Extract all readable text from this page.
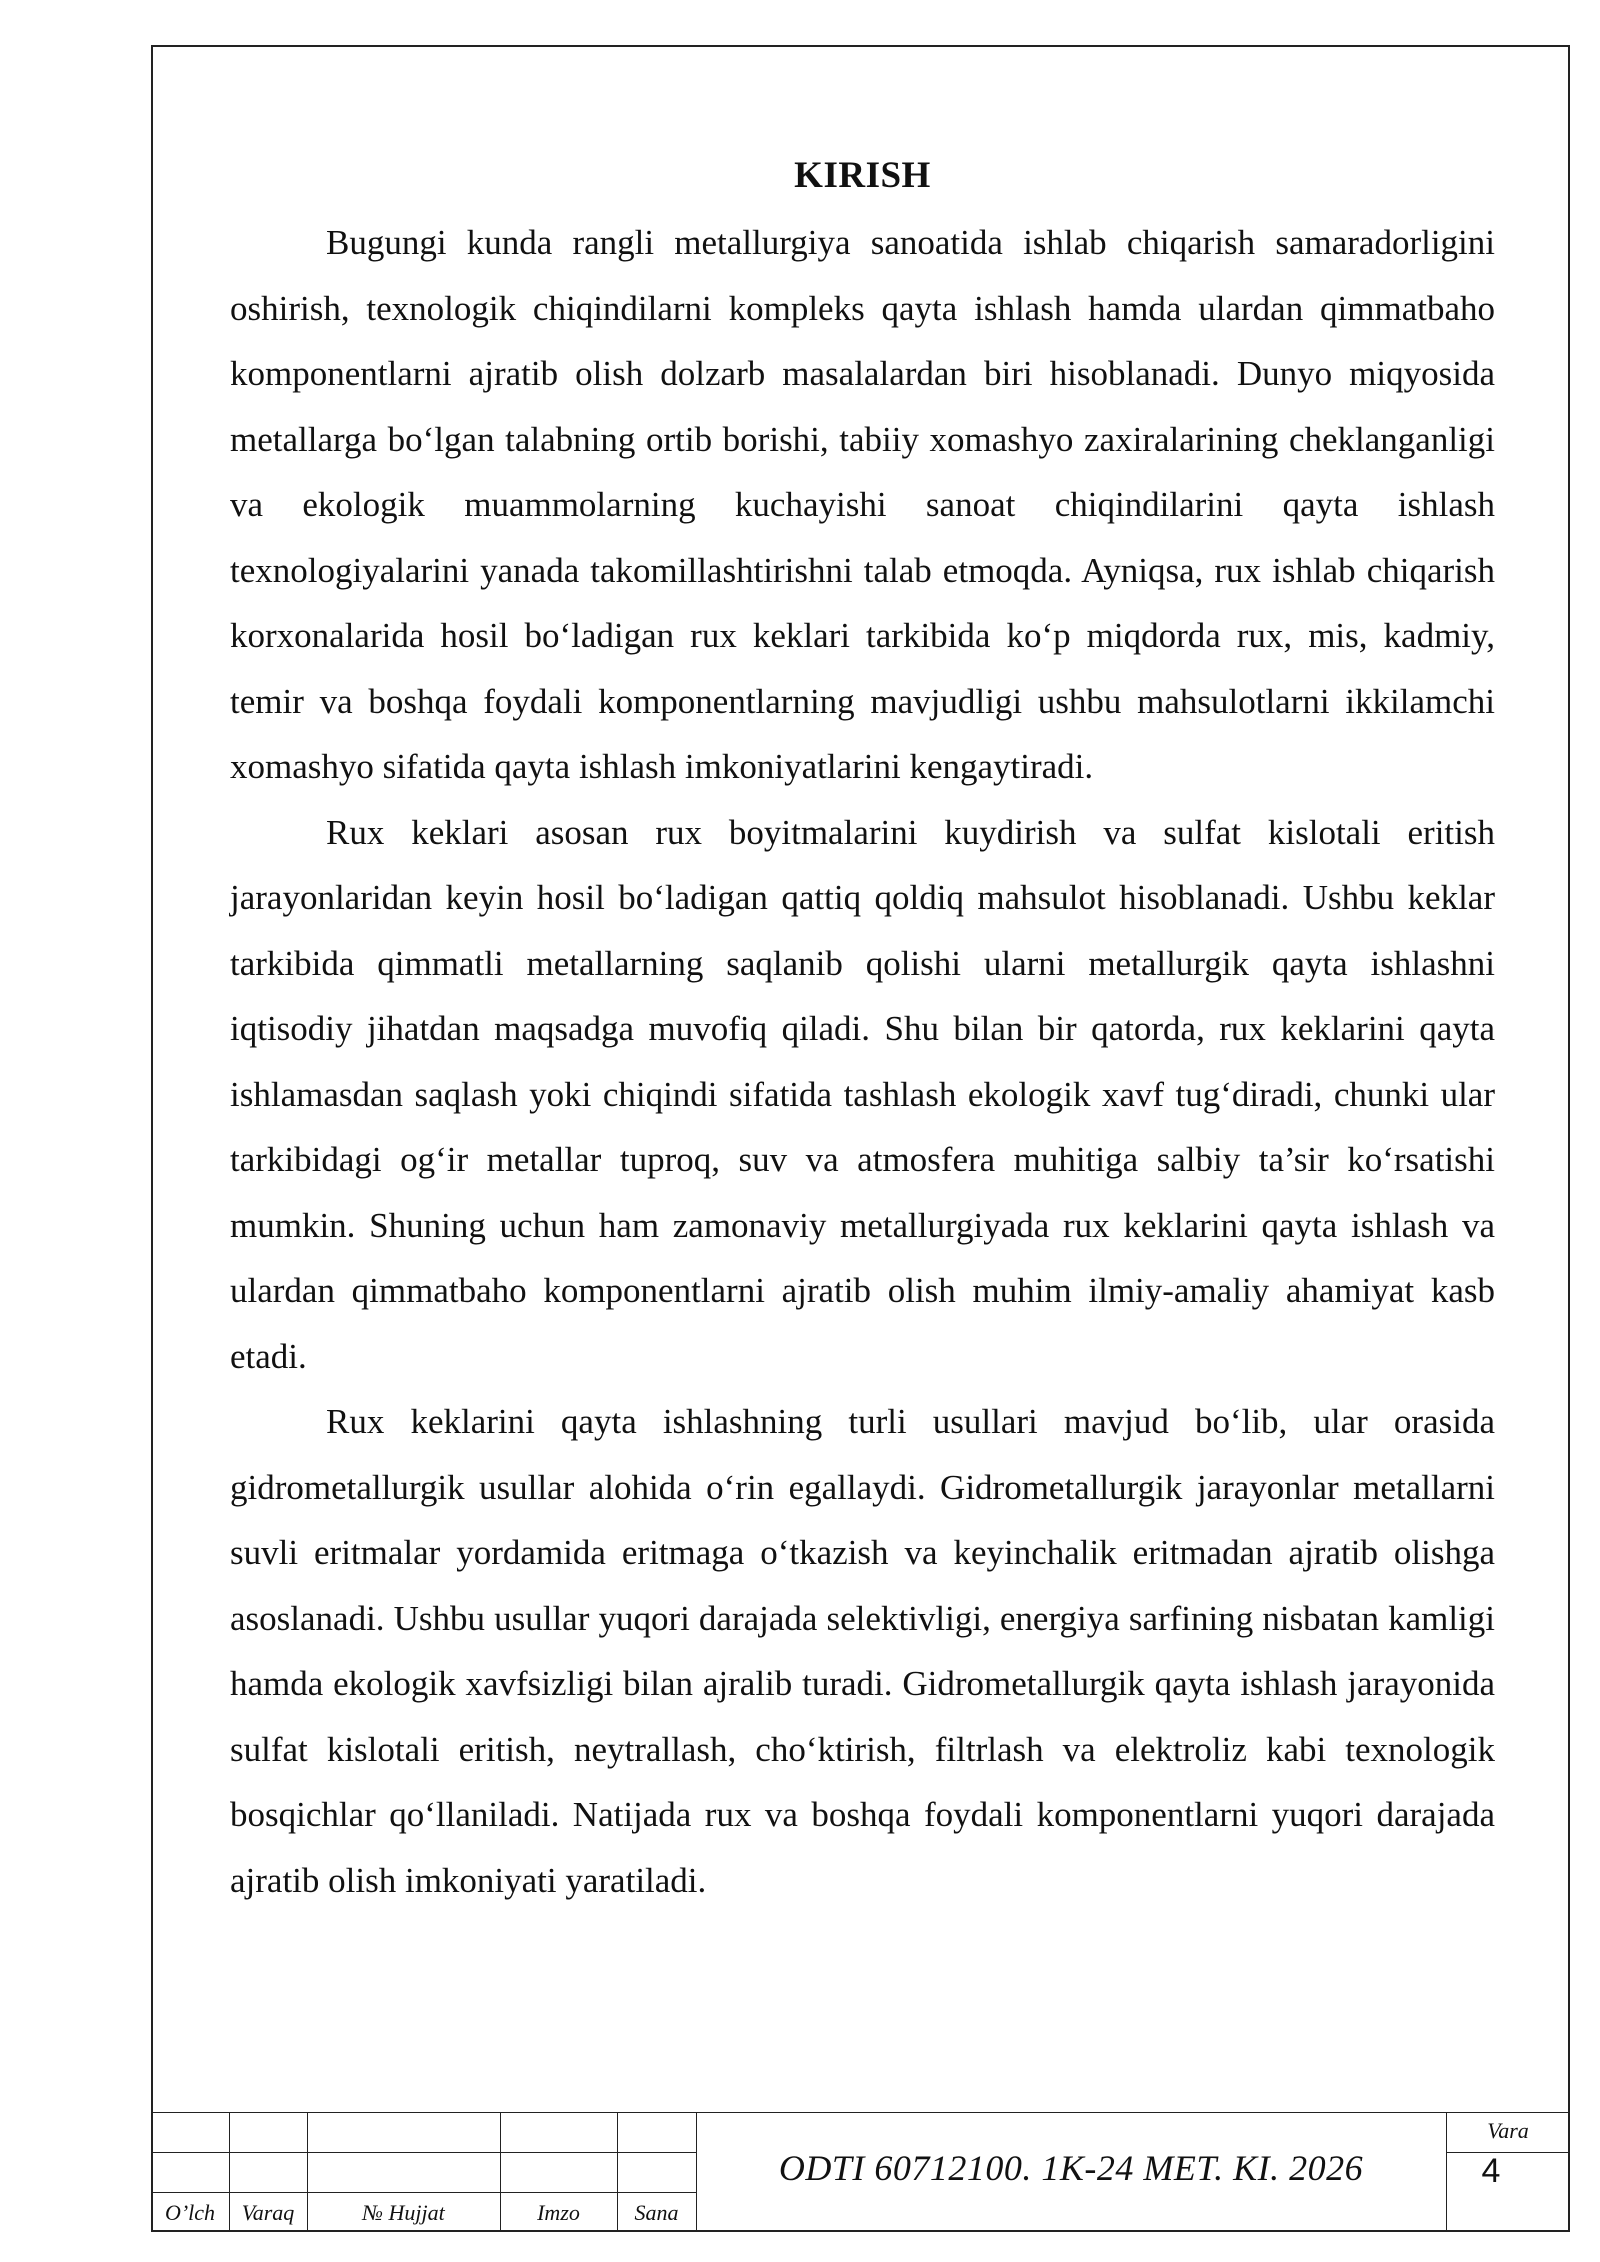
KIRISH

Bugungi kunda rangli metallurgiya sanoatida ishlab chiqarish samaradorligini oshirish, texnologik chiqindilarni kompleks qayta ishlash hamda ulardan qimmatbaho komponentlarni ajratib olish dolzarb masalalardan biri hisoblanadi. Dunyo miqyosida metallarga bo‘lgan talabning ortib borishi, tabiiy xomashyo zaxiralarining cheklanganligi va ekologik muammolarning kuchayishi sanoat chiqindilarini qayta ishlash texnologiyalarini yanada takomillashtirishni talab etmoqda. Ayniqsa, rux ishlab chiqarish korxonalarida hosil bo‘ladigan rux keklari tarkibida ko‘p miqdorda rux, mis, kadmiy, temir va boshqa foydali komponentlarning mavjudligi ushbu mahsulotlarni ikkilamchi xomashyo sifatida qayta ishlash imkoniyatlarini kengaytiradi.

Rux keklari asosan rux boyitmalarini kuydirish va sulfat kislotali eritish jarayonlaridan keyin hosil bo‘ladigan qattiq qoldiq mahsulot hisoblanadi. Ushbu keklar tarkibida qimmatli metallarning saqlanib qolishi ularni metallurgik qayta ishlashni iqtisodiy jihatdan maqsadga muvofiq qiladi. Shu bilan bir qatorda, rux keklarini qayta ishlamasdan saqlash yoki chiqindi sifatida tashlash ekologik xavf tug‘diradi, chunki ular tarkibidagi og‘ir metallar tuproq, suv va atmosfera muhitiga salbiy ta’sir ko‘rsatishi mumkin. Shuning uchun ham zamonaviy metallurgiyada rux keklarini qayta ishlash va ulardan qimmatbaho komponentlarni ajratib olish muhim ilmiy-amaliy ahamiyat kasb etadi.

Rux keklarini qayta ishlashning turli usullari mavjud bo‘lib, ular orasida gidrometallurgik usullar alohida o‘rin egallaydi. Gidrometallurgik jarayonlar metallarni suvli eritmalar yordamida eritmaga o‘tkazish va keyinchalik eritmadan ajratib olishga asoslanadi. Ushbu usullar yuqori darajada selektivligi, energiya sarfining nisbatan kamligi hamda ekologik xavfsizligi bilan ajralib turadi. Gidrometallurgik qayta ishlash jarayonida sulfat kislotali eritish, neytrallash, cho‘ktirish, filtrlash va elektroliz kabi texnologik bosqichlar qo‘llaniladi. Natijada rux va boshqa foydali komponentlarni yuqori darajada ajratib olish imkoniyati yaratiladi.

O’lch	Varaq	№ Hujjat	Imzo	Sana
ODTI 60712100. 1K-24 MET. KI. 2026
Vara
4
